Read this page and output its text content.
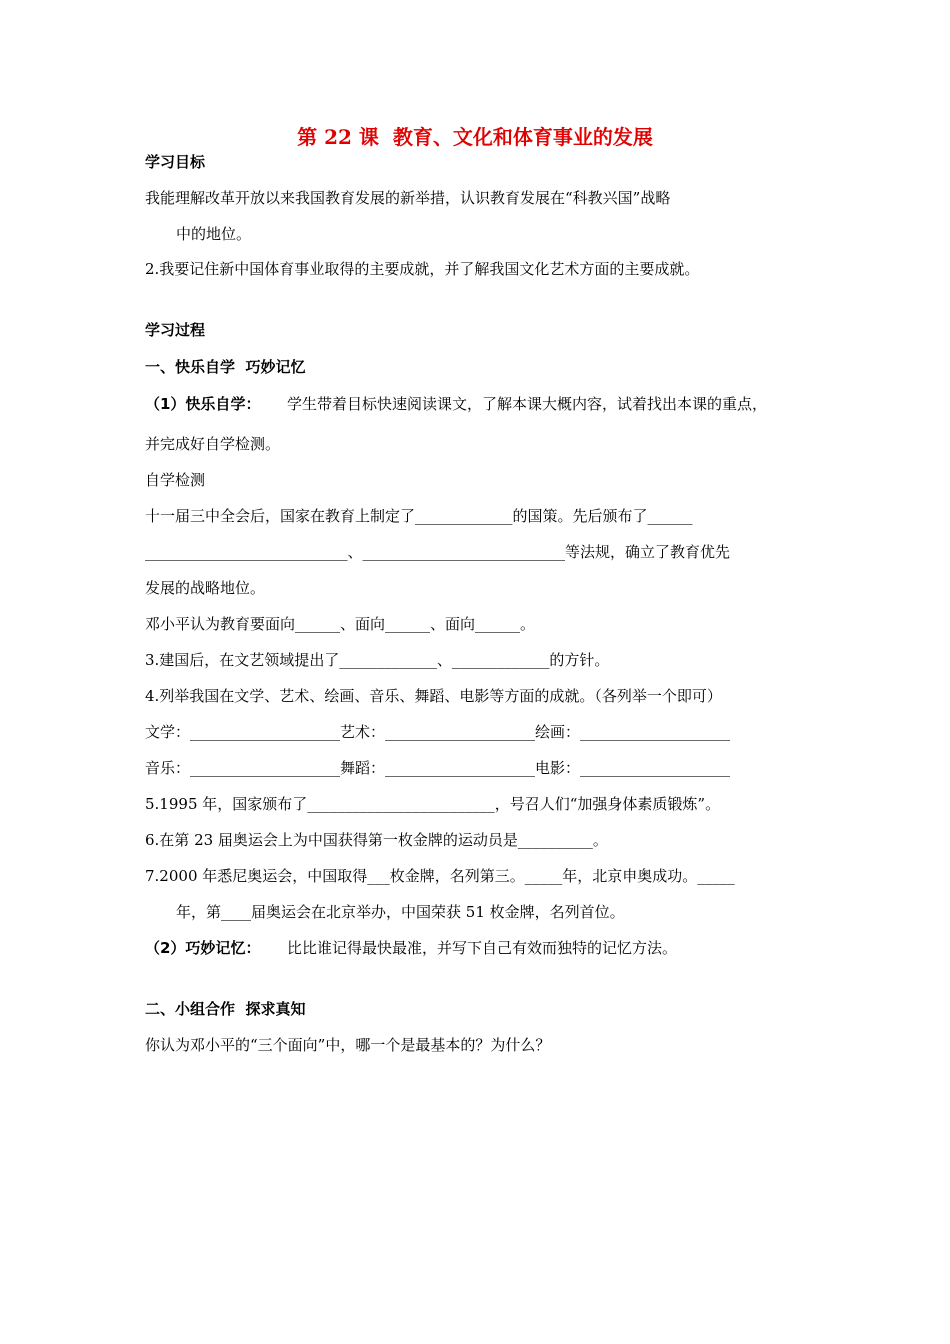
第 22 课  教育、文化和体育事业的发展
学习目标
我能理解改革开放以来我国教育发展的新举措，认识教育发展在“科教兴国”战略
中的地位。
2.我要记住新中国体育事业取得的主要成就，并了解我国文化艺术方面的主要成就。
学习过程
一、快乐自学  巧妙记忆
（1）快乐自学： 学生带着目标快速阅读课文，了解本课大概内容，试着找出本课的重点，
并完成好自学检测。
自学检测
十一届三中全会后，国家在教育上制定了_____________的国策。先后颁布了______
___________________________、___________________________等法规，确立了教育优先
发展的战略地位。
邓小平认为教育要面向______、面向______、面向______。
3.建国后，在文艺领域提出了_____________、_____________的方针。
4.列举我国在文学、艺术、绘画、音乐、舞蹈、电影等方面的成就。（各列举一个即可）
文学：____________________艺术：____________________绘画：____________________
音乐：____________________舞蹈：____________________电影：____________________
5.1995 年，国家颁布了_________________________，号召人们“加强身体素质锻炼”。
6.在第 23 届奥运会上为中国获得第一枚金牌的运动员是__________。
7.2000 年悉尼奥运会，中国取得___枚金牌，名列第三。_____年，北京申奥成功。_____
年，第____届奥运会在北京举办，中国荣获 51 枚金牌，名列首位。
（2）巧妙记忆： 比比谁记得最快最准，并写下自己有效而独特的记忆方法。
二、小组合作  探求真知
你认为邓小平的“三个面向”中，哪一个是最基本的？为什么？
